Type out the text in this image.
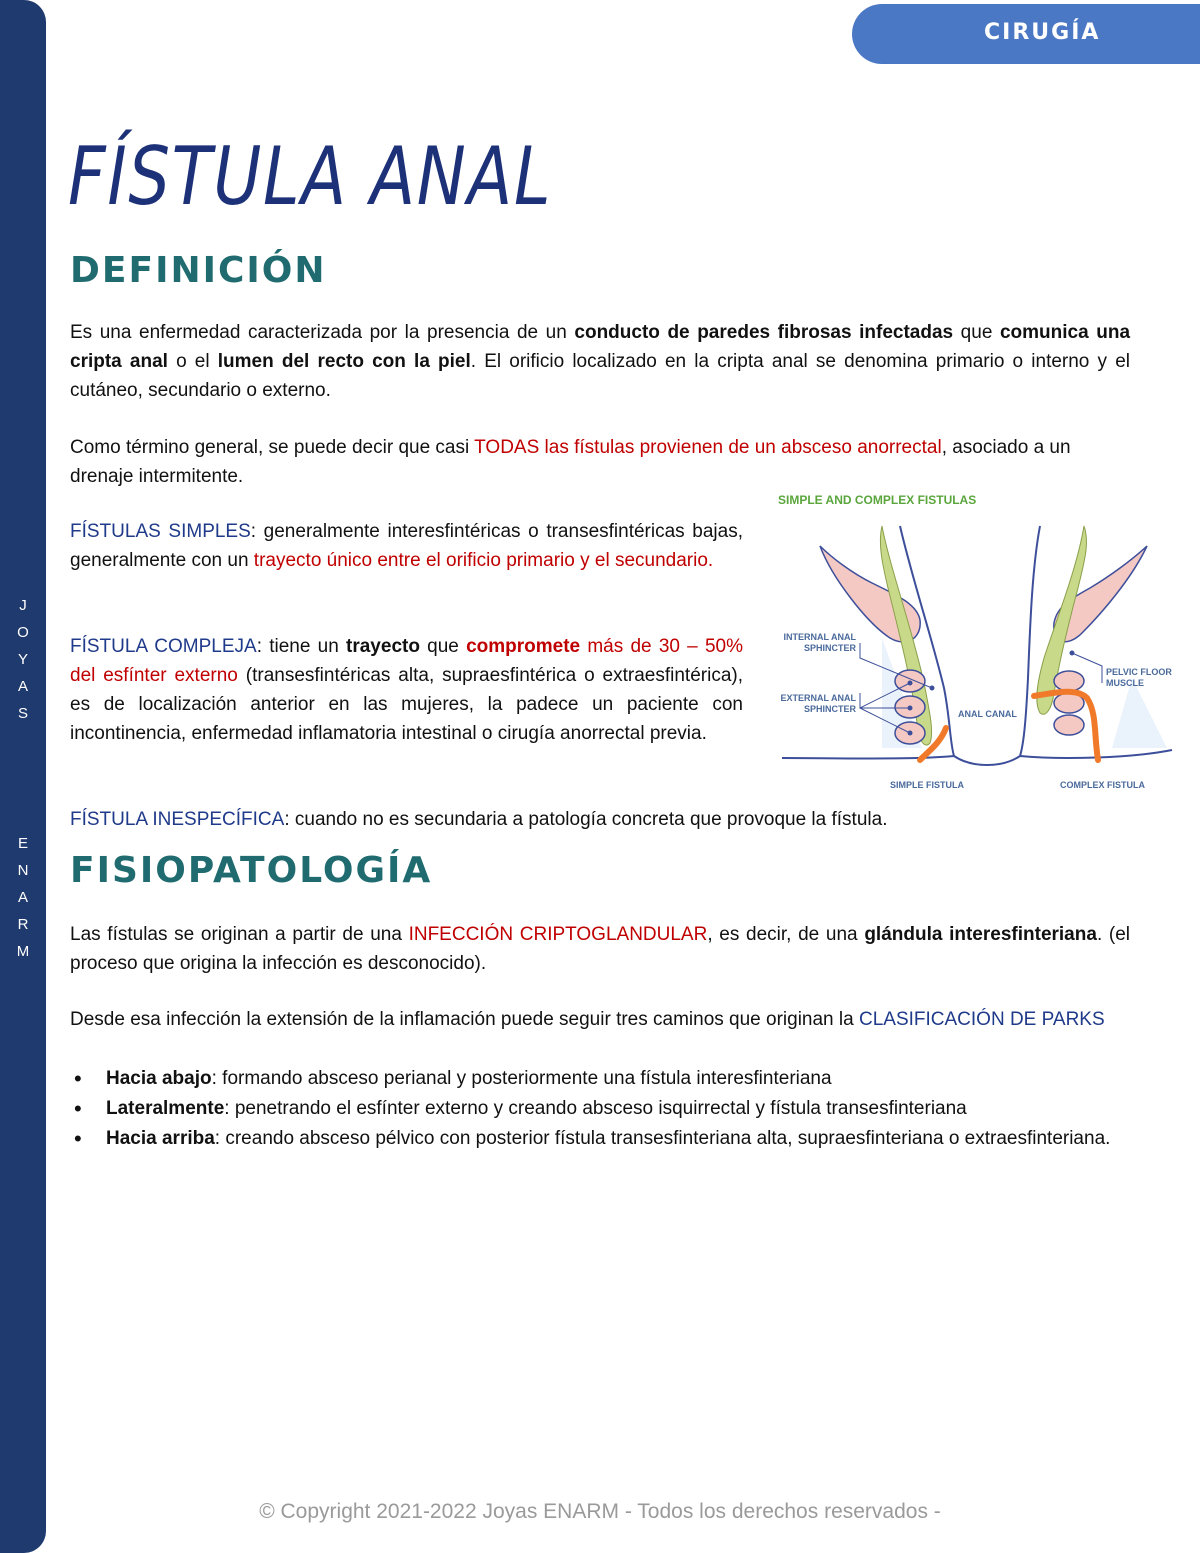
J
O
Y
A
S
E
N
A
R
M
CIRUGÍA
FÍSTULA ANAL
DEFINICIÓN

Es una enfermedad caracterizada por la presencia de un conducto de paredes fibrosas infectadas que comunica una cripta anal o el lumen del recto con la piel. El orificio localizado en la cripta anal se denomina primario o interno y el cutáneo, secundario o externo.

Como término general, se puede decir que casi TODAS las fístulas provienen de un absceso anorrectal, asociado a un drenaje intermitente.

FÍSTULAS SIMPLES: generalmente interesfintéricas o transesfintéricas bajas, generalmente con un trayecto único entre el orificio primario y el secundario.

FÍSTULA COMPLEJA: tiene un trayecto que compromete más de 30 – 50% del esfínter externo (transesfintéricas alta, supraesfintérica o extraesfintérica), es de localización anterior en las mujeres, la padece un paciente con incontinencia, enfermedad inflamatoria intestinal o cirugía anorrectal previa.

FÍSTULA INESPECÍFICA: cuando no es secundaria a patología concreta que provoque la fístula.

FISIOPATOLOGÍA

Las fístulas se originan a partir de una INFECCIÓN CRIPTOGLANDULAR, es decir, de una glándula interesfinteriana. (el proceso que origina la infección es desconocido).

Desde esa infección la extensión de la inflamación puede seguir tres caminos que originan la CLASIFICACIÓN DE PARKS

• Hacia abajo: formando absceso perianal y posteriormente una fístula interesfinteriana
• Lateralmente: penetrando el esfínter externo y creando absceso isquirrectal y fístula transesfinteriana
• Hacia arriba: creando absceso pélvico con posterior fístula transesfinteriana alta, supraesfinteriana o extraesfinteriana.
SIMPLE AND COMPLEX FISTULAS
INTERNAL ANAL
SPHINCTER
EXTERNAL ANAL
SPHINCTER	ANAL CANAL
PELVIC FLOOR
MUSCLE
SIMPLE FISTULA	COMPLEX FISTULA
© Copyright 2021-2022 Joyas ENARM - Todos los derechos reservados -
